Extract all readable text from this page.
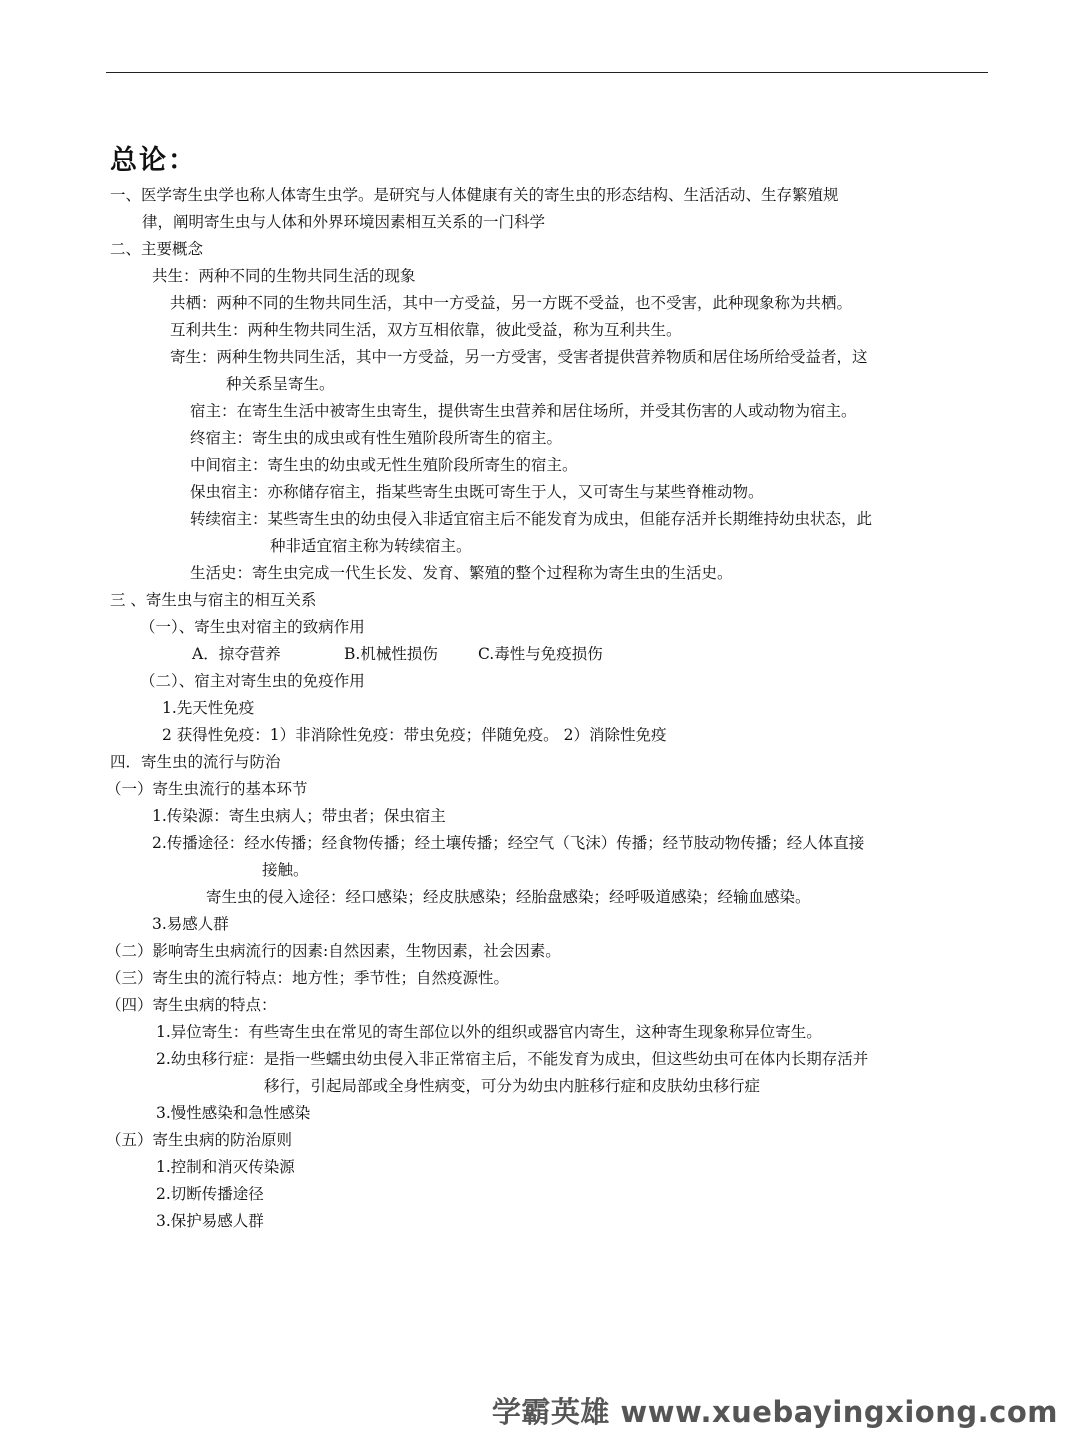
总论：
一、医学寄生虫学也称人体寄生虫学。是研究与人体健康有关的寄生虫的形态结构、生活活动、生存繁殖规
律，阐明寄生虫与人体和外界环境因素相互关系的一门科学
二、主要概念
共生：两种不同的生物共同生活的现象
共栖：两种不同的生物共同生活，其中一方受益，另一方既不受益，也不受害，此种现象称为共栖。
互利共生：两种生物共同生活，双方互相依靠，彼此受益，称为互利共生。
寄生：两种生物共同生活，其中一方受益，另一方受害，受害者提供营养物质和居住场所给受益者，这
种关系呈寄生。
宿主：在寄生生活中被寄生虫寄生，提供寄生虫营养和居住场所，并受其伤害的人或动物为宿主。
终宿主：寄生虫的成虫或有性生殖阶段所寄生的宿主。
中间宿主：寄生虫的幼虫或无性生殖阶段所寄生的宿主。
保虫宿主：亦称储存宿主，指某些寄生虫既可寄生于人，又可寄生与某些脊椎动物。
转续宿主：某些寄生虫的幼虫侵入非适宜宿主后不能发育为成虫，但能存活并长期维持幼虫状态，此
种非适宜宿主称为转续宿主。
生活史：寄生虫完成一代生长发、发育、繁殖的整个过程称为寄生虫的生活史。
三 、寄生虫与宿主的相互关系
（一）、寄生虫对宿主的致病作用
A．掠夺营养	B.机械性损伤	C.毒性与免疫损伤
（二）、宿主对寄生虫的免疫作用
1.先天性免疫
2 获得性免疫：1）非消除性免疫：带虫免疫；伴随免疫。 2）消除性免疫
四．寄生虫的流行与防治
（一）寄生虫流行的基本环节
1.传染源：寄生虫病人；带虫者；保虫宿主
2.传播途径：经水传播；经食物传播；经土壤传播；经空气（飞沫）传播；经节肢动物传播；经人体直接
接触。
寄生虫的侵入途径：经口感染；经皮肤感染；经胎盘感染；经呼吸道感染；经输血感染。
3.易感人群
（二）影响寄生虫病流行的因素:自然因素，生物因素，社会因素。
（三）寄生虫的流行特点：地方性；季节性；自然疫源性。
（四）寄生虫病的特点：
1.异位寄生：有些寄生虫在常见的寄生部位以外的组织或器官内寄生，这种寄生现象称异位寄生。
2.幼虫移行症：是指一些蠕虫幼虫侵入非正常宿主后，不能发育为成虫，但这些幼虫可在体内长期存活并
移行，引起局部或全身性病变，可分为幼虫内脏移行症和皮肤幼虫移行症
3.慢性感染和急性感染
（五）寄生虫病的防治原则
1.控制和消灭传染源
2.切断传播途径
3.保护易感人群
学霸英雄 www.xuebayingxiong.com
